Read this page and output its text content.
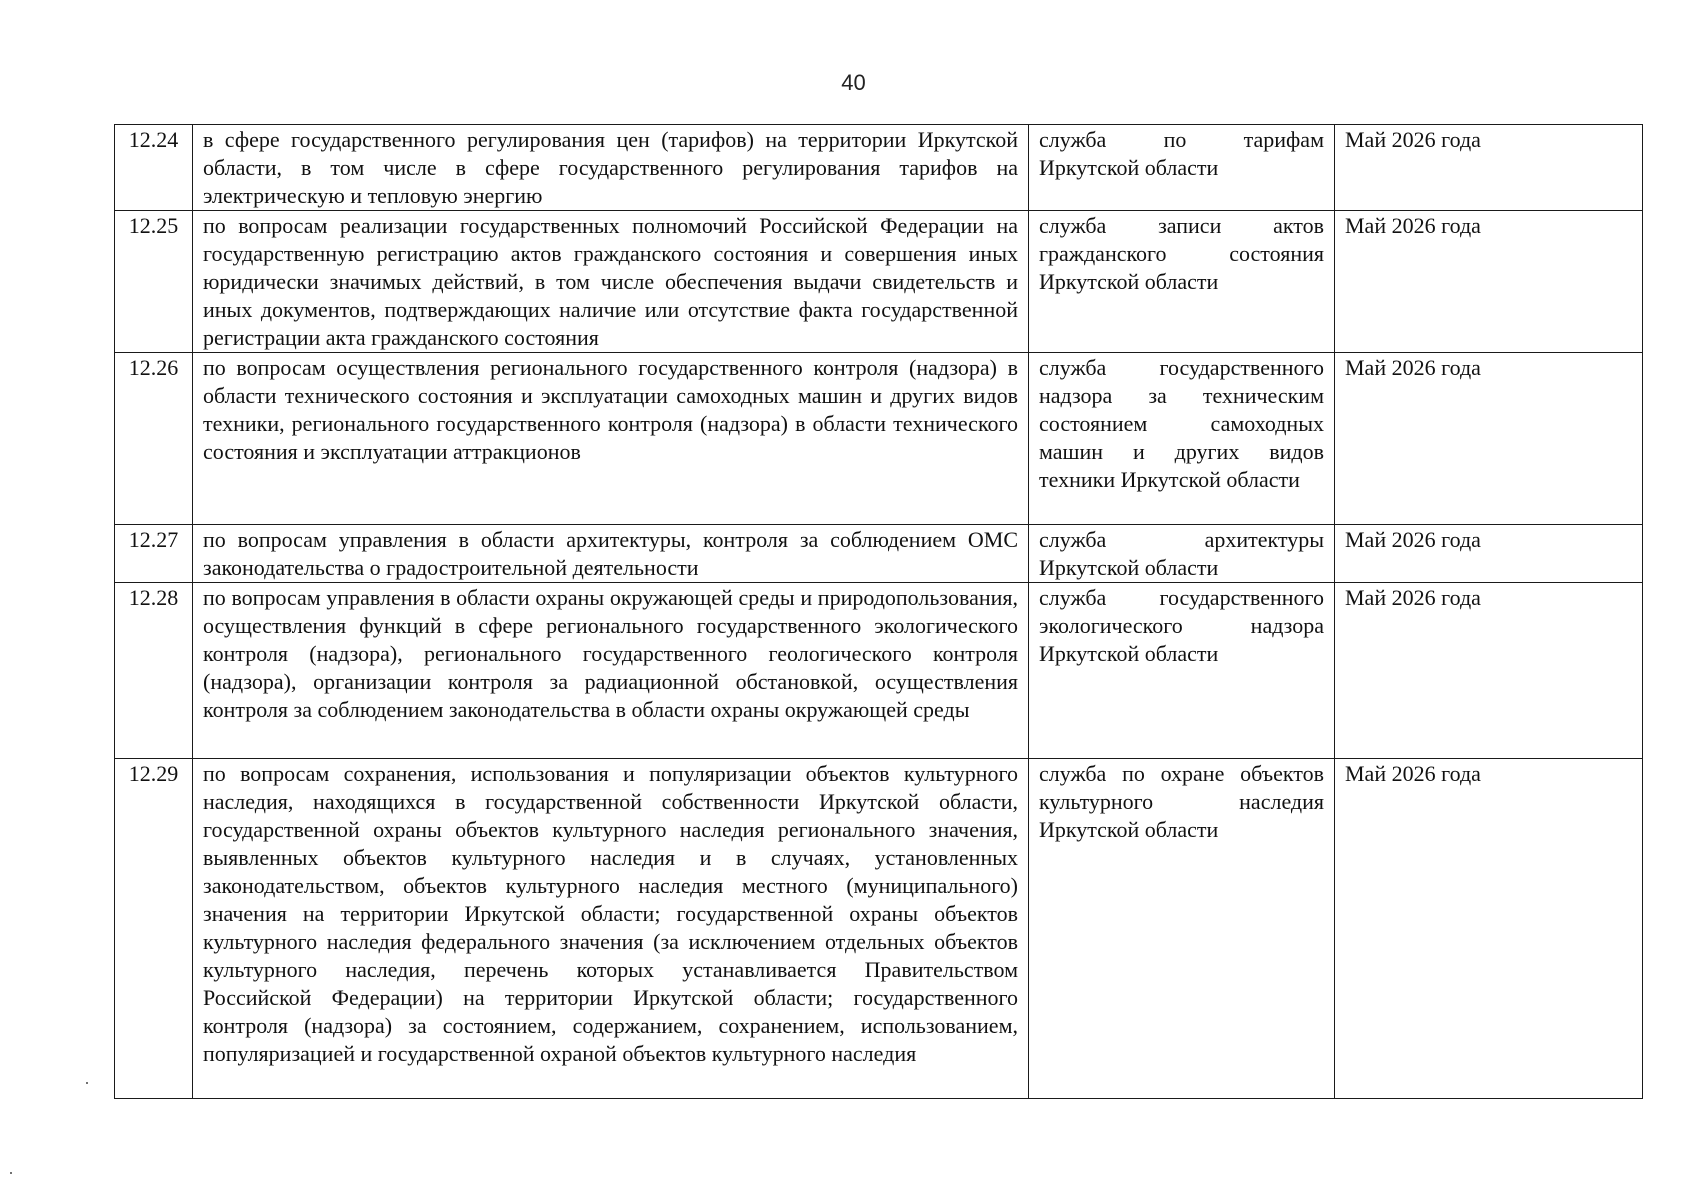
40
12.24	в сфере государственного регулирования цен (тарифов) на территории Иркутской области, в том числе в сфере государственного регулирования тарифов на электрическую и тепловую энергию	служба по тарифам Иркутской области	Май 2026 года
12.25	по вопросам реализации государственных полномочий Российской Федерации на государственную регистрацию актов гражданского состояния и совершения иных юридически значимых действий, в том числе обеспечения выдачи свидетельств и иных документов, подтверждающих наличие или отсутствие факта государственной регистрации акта гражданского состояния	служба записи актов гражданского состояния Иркутской области	Май 2026 года
12.26	по вопросам осуществления регионального государственного контроля (надзора) в области технического состояния и эксплуатации самоходных машин и других видов техники, регионального государственного контроля (надзора) в области технического состояния и эксплуатации аттракционов	служба государственного надзора за техническим состоянием самоходных машин и других видов техники Иркутской области	Май 2026 года
12.27	по вопросам управления в области архитектуры, контроля за соблюдением ОМС законодательства о градостроительной деятельности	служба архитектуры Иркутской области	Май 2026 года
12.28	по вопросам управления в области охраны окружающей среды и природопользования, осуществления функций в сфере регионального государственного экологического контроля (надзора), регионального государственного геологического контроля (надзора), организации контроля за радиационной обстановкой, осуществления контроля за соблюдением законодательства в области охраны окружающей среды	служба государственного экологического надзора Иркутской области	Май 2026 года
12.29	по вопросам сохранения, использования и популяризации объектов культурного наследия, находящихся в государственной собственности Иркутской области, государственной охраны объектов культурного наследия регионального значения, выявленных объектов культурного наследия и в случаях, установленных законодательством, объектов культурного наследия местного (муниципального) значения на территории Иркутской области; государственной охраны объектов культурного наследия федерального значения (за исключением отдельных объектов культурного наследия, перечень которых устанавливается Правительством Российской Федерации) на территории Иркутской области; государственного контроля (надзора) за состоянием, содержанием, сохранением, использованием, популяризацией и государственной охраной объектов культурного наследия	служба по охране объектов культурного наследия Иркутской области	Май 2026 года
